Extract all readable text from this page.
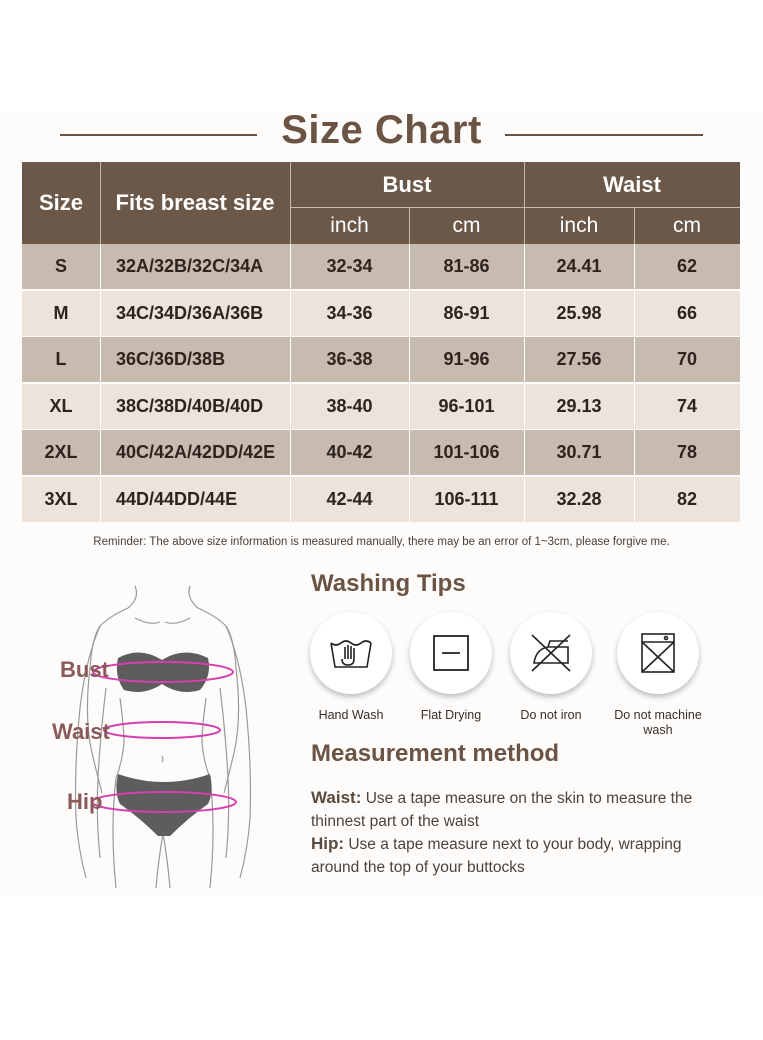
Size Chart
Size	Fits breast size
Bust	Waist
inch	cm	inch	cm
S	32A/32B/32C/34A	32-34	81-86	24.41	62
M	34C/34D/36A/36B	34-36	86-91	25.98	66
L	36C/36D/38B	36-38	91-96	27.56	70
XL	38C/38D/40B/40D	38-40	96-101	29.13	74
2XL	40C/42A/42DD/42E	40-42	101-106	30.71	78
3XL	44D/44DD/44E	42-44	106-111	32.28	82
Reminder: The above size information is measured manually, there may be an error of 1~3cm, please forgive me.
Bust
Waist
Hip
Washing Tips
Hand Wash	Flat Drying	Do not iron	Do not machine wash
Measurement method
Waist: Use a tape measure on the skin to measure the thinnest part of the waist
Hip: Use a tape measure next to your body, wrapping around the top of your buttocks
